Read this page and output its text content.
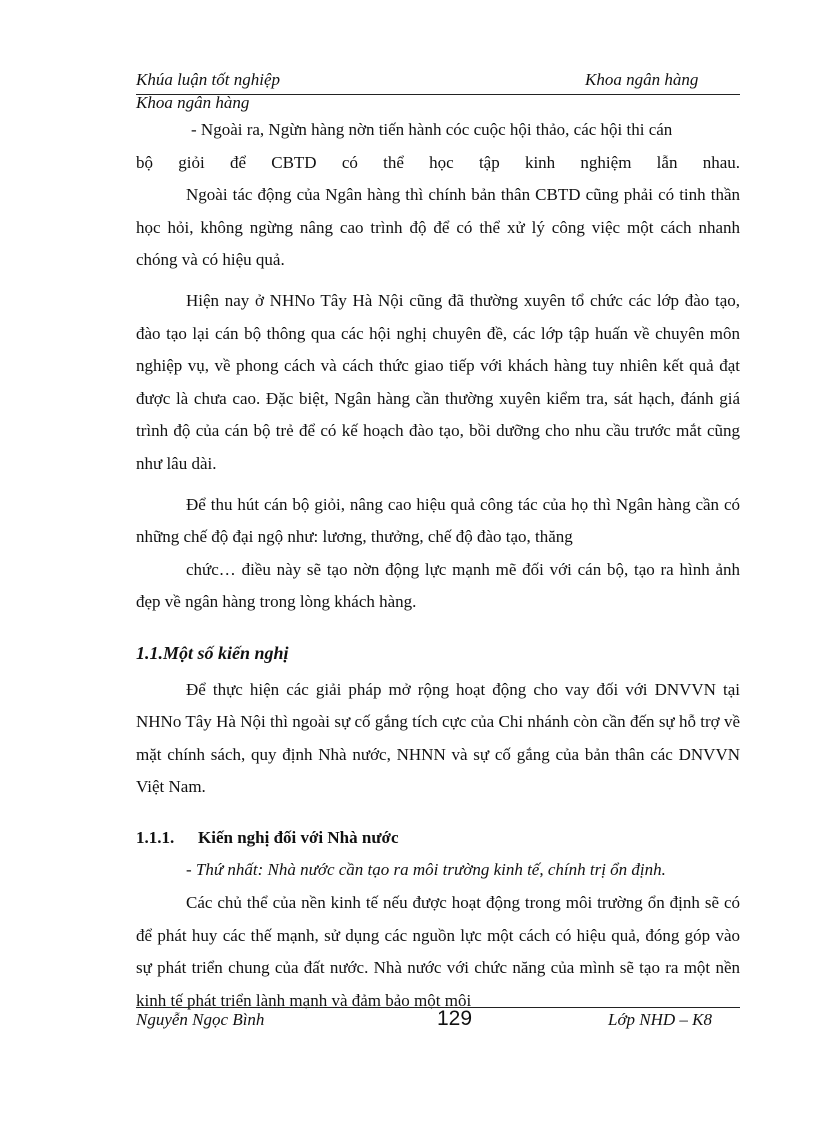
Khúa luận tốt nghiệp	Khoa ngân hàng
Khoa ngân hàng

- Ngoài ra, Ngừn hàng nờn tiến hành cóc cuộc hội thảo, các hội thi cán

bộ giỏi để CBTD có thể học tập kinh nghiệm lẫn nhau.

Ngoài tác động của Ngân hàng thì chính bản thân CBTD cũng phải có tinh thần học hỏi, không ngừng nâng cao trình độ để có thể xử lý công việc một cách nhanh chóng và có hiệu quả.

Hiện nay ở NHNo Tây Hà Nội cũng đã thường xuyên tổ chức các lớp đào tạo, đào tạo lại cán bộ thông qua các hội nghị chuyên đề, các lớp tập huấn về chuyên môn nghiệp vụ, về phong cách và cách thức giao tiếp với khách hàng tuy nhiên kết quả đạt được là chưa cao. Đặc biệt, Ngân hàng cần thường xuyên kiểm tra, sát hạch, đánh giá trình độ của cán bộ trẻ để có kế hoạch đào tạo, bồi dưỡng cho nhu cầu trước mắt cũng như lâu dài.

Để thu hút cán bộ giỏi, nâng cao hiệu quả công tác của họ thì Ngân hàng cần có những chế độ đại ngộ như: lương, thưởng, chế độ đào tạo, thăng

chức… điều này sẽ tạo nờn động lực mạnh mẽ đối với cán bộ, tạo ra hình ảnh đẹp về ngân hàng trong lòng khách hàng.

1.1.Một số kiến nghị

Để thực hiện các giải pháp mở rộng hoạt động cho vay đối với DNVVN tại NHNo Tây Hà Nội thì ngoài sự cố gắng tích cực của Chi nhánh còn cần đến sự hỗ trợ về mặt chính sách, quy định Nhà nước, NHNN và sự cố gắng của bản thân các DNVVN Việt Nam.

1.1.1. Kiến nghị đối với Nhà nước

- Thứ nhất: Nhà nước cần tạo ra môi trường kinh tế, chính trị ổn định.

Các chủ thể của nền kinh tế nếu được hoạt động trong môi trường ổn định sẽ có để phát huy các thế mạnh, sử dụng các nguồn lực một cách có hiệu quả, đóng góp vào sự phát triển chung của đất nước. Nhà nước với chức năng của mình sẽ tạo ra một nền kinh tế phát triển lành mạnh và đảm bảo một môi

Nguyễn Ngọc Bình	129	Lớp NHD – K8
